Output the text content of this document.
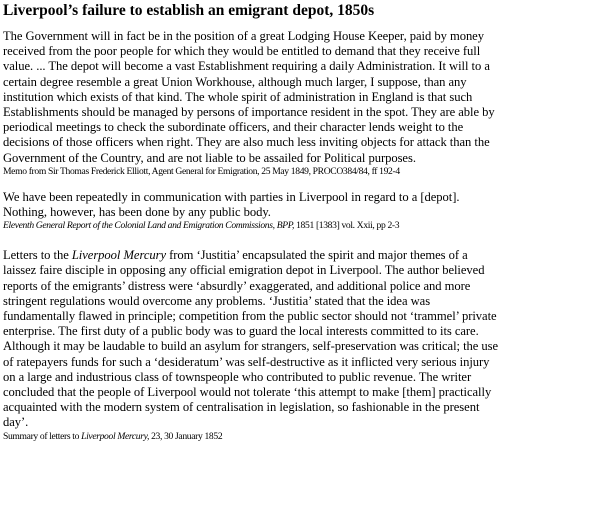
Liverpool’s failure to establish an emigrant depot, 1850s

The Government will in fact be in the position of a great Lodging House Keeper, paid by money
received from the poor people for which they would be entitled to demand that they receive full
value. ... The depot will become a vast Establishment requiring a daily Administration. It will to a
certain degree resemble a great Union Workhouse, although much larger, I suppose, than any
institution which exists of that kind. The whole spirit of administration in England is that such
Establishments should be managed by persons of importance resident in the spot. They are able by
periodical meetings to check the subordinate officers, and their character lends weight to the
decisions of those officers when right. They are also much less inviting objects for attack than the
Government of the Country, and are not liable to be assailed for Political purposes.

Memo from Sir Thomas Frederick Elliott, Agent General for Emigration, 25 May 1849, PROCO384/84, ff 192-4

We have been repeatedly in communication with parties in Liverpool in regard to a [depot].
Nothing, however, has been done by any public body.

Eleventh General Report of the Colonial Land and Emigration Commissions, BPP, 1851 [1383] vol. Xxii, pp 2-3

Letters to the Liverpool Mercury from ‘Justitia’ encapsulated the spirit and major themes of a
laissez faire disciple in opposing any official emigration depot in Liverpool. The author believed
reports of the emigrants’ distress were ‘absurdly’ exaggerated, and additional police and more
stringent regulations would overcome any problems. ‘Justitia’ stated that the idea was
fundamentally flawed in principle; competition from the public sector should not ‘trammel’ private
enterprise. The first duty of a public body was to guard the local interests committed to its care.
Although it may be laudable to build an asylum for strangers, self-preservation was critical; the use
of ratepayers funds for such a ‘desideratum’ was self-destructive as it inflicted very serious injury
on a large and industrious class of townspeople who contributed to public revenue. The writer
concluded that the people of Liverpool would not tolerate ‘this attempt to make [them] practically
acquainted with the modern system of centralisation in legislation, so fashionable in the present
day’.

Summary of letters to Liverpool Mercury, 23, 30 January 1852
